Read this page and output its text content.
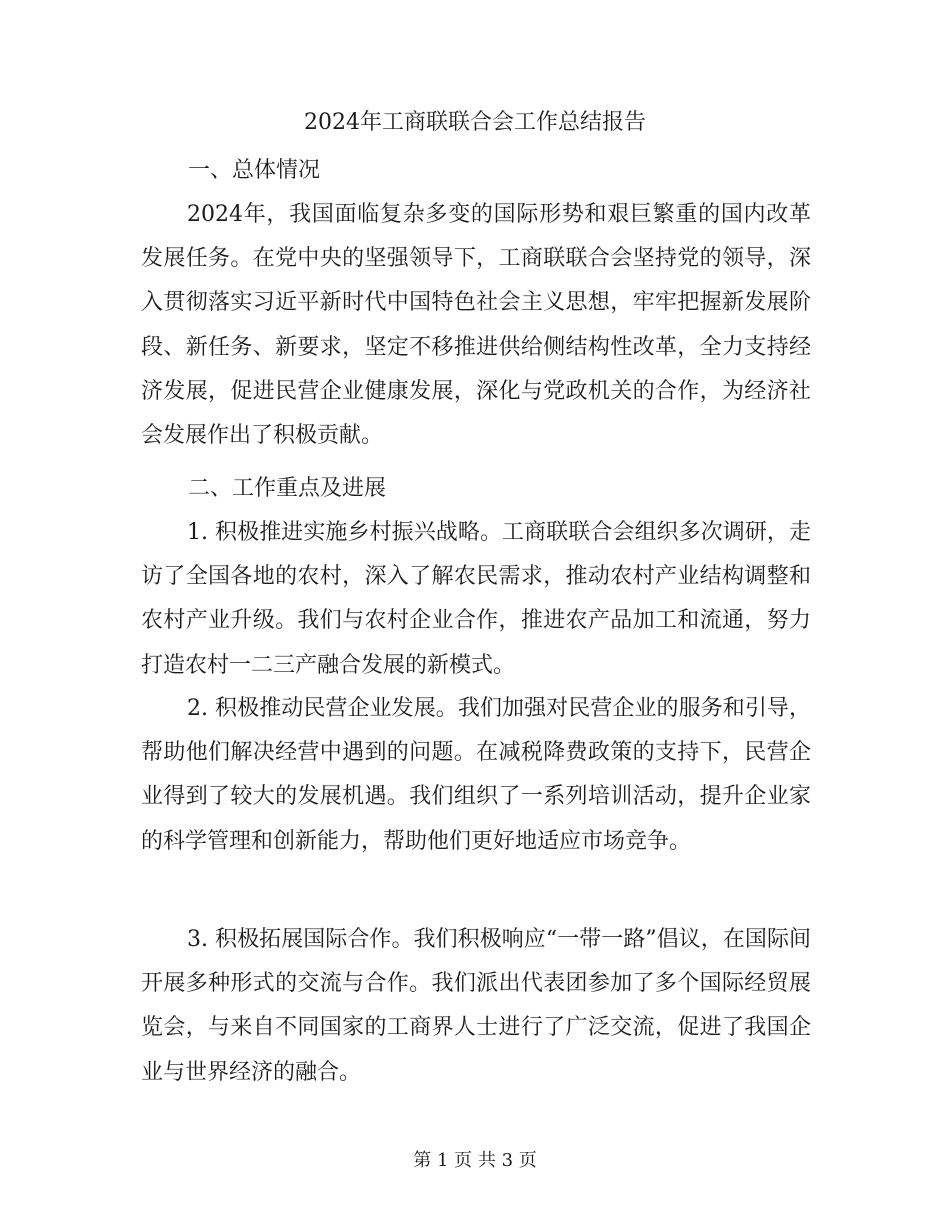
2024年工商联联合会工作总结报告
一、总体情况
2024年，我国面临复杂多变的国际形势和艰巨繁重的国内改革发展任务。在党中央的坚强领导下，工商联联合会坚持党的领导，深入贯彻落实习近平新时代中国特色社会主义思想，牢牢把握新发展阶段、新任务、新要求，坚定不移推进供给侧结构性改革，全力支持经济发展，促进民营企业健康发展，深化与党政机关的合作，为经济社会发展作出了积极贡献。
二、工作重点及进展
1. 积极推进实施乡村振兴战略。工商联联合会组织多次调研，走访了全国各地的农村，深入了解农民需求，推动农村产业结构调整和农村产业升级。我们与农村企业合作，推进农产品加工和流通，努力打造农村一二三产融合发展的新模式。
2. 积极推动民营企业发展。我们加强对民营企业的服务和引导，帮助他们解决经营中遇到的问题。在减税降费政策的支持下，民营企业得到了较大的发展机遇。我们组织了一系列培训活动，提升企业家的科学管理和创新能力，帮助他们更好地适应市场竞争。
3. 积极拓展国际合作。我们积极响应“一带一路”倡议，在国际间开展多种形式的交流与合作。我们派出代表团参加了多个国际经贸展览会，与来自不同国家的工商界人士进行了广泛交流，促进了我国企业与世界经济的融合。
第 1 页 共 3 页
